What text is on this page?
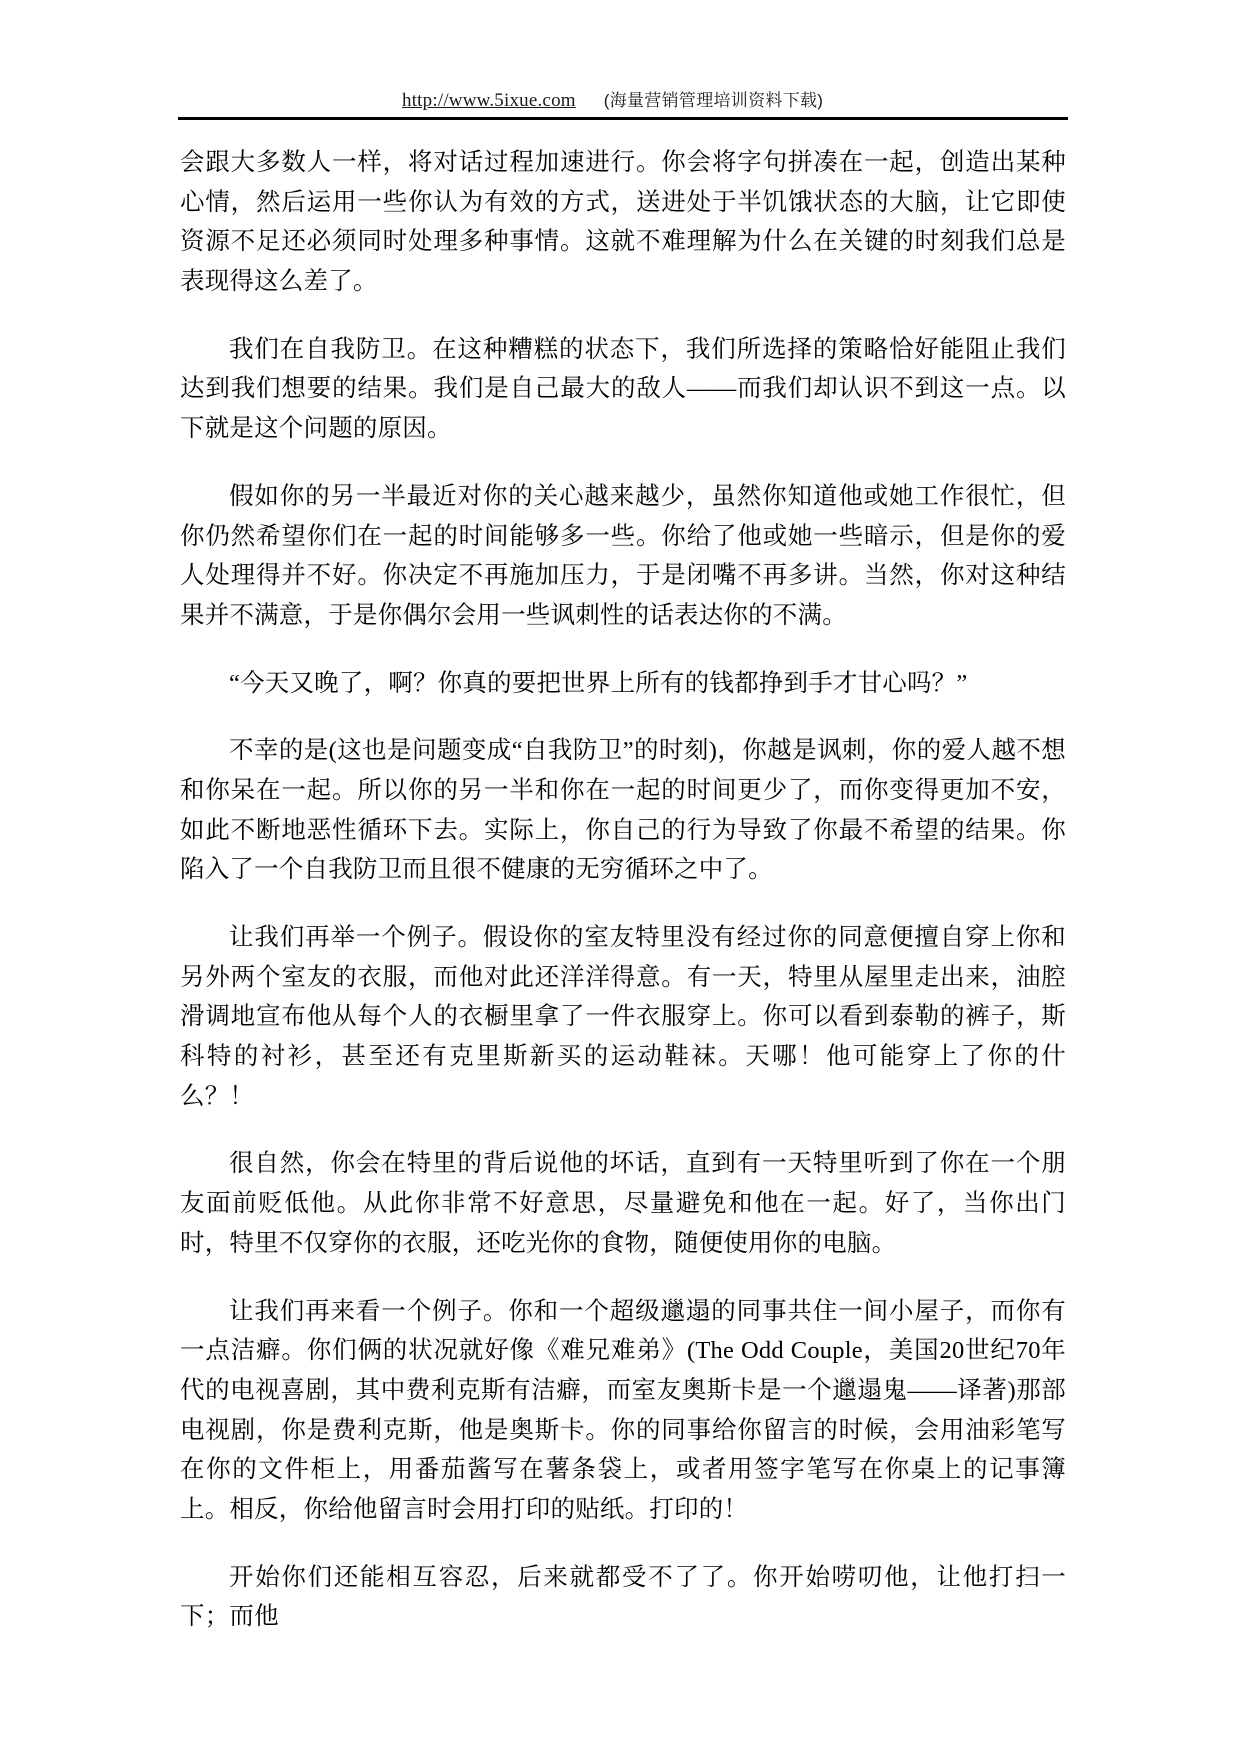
http://www.5ixue.com (海量营销管理培训资料下载)

会跟大多数人一样，将对话过程加速进行。你会将字句拼凑在一起，创造出某种心情，然后运用一些你认为有效的方式，送进处于半饥饿状态的大脑，让它即使资源不足还必须同时处理多种事情。这就不难理解为什么在关键的时刻我们总是表现得这么差了。

我们在自我防卫。在这种糟糕的状态下，我们所选择的策略恰好能阻止我们达到我们想要的结果。我们是自己最大的敌人——而我们却认识不到这一点。以下就是这个问题的原因。

假如你的另一半最近对你的关心越来越少，虽然你知道他或她工作很忙，但你仍然希望你们在一起的时间能够多一些。你给了他或她一些暗示，但是你的爱人处理得并不好。你决定不再施加压力，于是闭嘴不再多讲。当然，你对这种结果并不满意，于是你偶尔会用一些讽刺性的话表达你的不满。

“今天又晚了，啊？你真的要把世界上所有的钱都挣到手才甘心吗？”

不幸的是(这也是问题变成“自我防卫”的时刻)，你越是讽刺，你的爱人越不想和你呆在一起。所以你的另一半和你在一起的时间更少了，而你变得更加不安，如此不断地恶性循环下去。实际上，你自己的行为导致了你最不希望的结果。你陷入了一个自我防卫而且很不健康的无穷循环之中了。

让我们再举一个例子。假设你的室友特里没有经过你的同意便擅自穿上你和另外两个室友的衣服，而他对此还洋洋得意。有一天，特里从屋里走出来，油腔滑调地宣布他从每个人的衣橱里拿了一件衣服穿上。你可以看到泰勒的裤子，斯科特的衬衫，甚至还有克里斯新买的运动鞋袜。天哪！他可能穿上了你的什么？！

很自然，你会在特里的背后说他的坏话，直到有一天特里听到了你在一个朋友面前贬低他。从此你非常不好意思，尽量避免和他在一起。好了，当你出门时，特里不仅穿你的衣服，还吃光你的食物，随便使用你的电脑。

让我们再来看一个例子。你和一个超级邋遢的同事共住一间小屋子，而你有一点洁癖。你们俩的状况就好像《难兄难弟》(The Odd Couple，美国20世纪70年代的电视喜剧，其中费利克斯有洁癖，而室友奥斯卡是一个邋遢鬼——译著)那部电视剧，你是费利克斯，他是奥斯卡。你的同事给你留言的时候，会用油彩笔写在你的文件柜上，用番茄酱写在薯条袋上，或者用签字笔写在你桌上的记事簿上。相反，你给他留言时会用打印的贴纸。打印的！

开始你们还能相互容忍，后来就都受不了了。你开始唠叨他，让他打扫一下；而他
